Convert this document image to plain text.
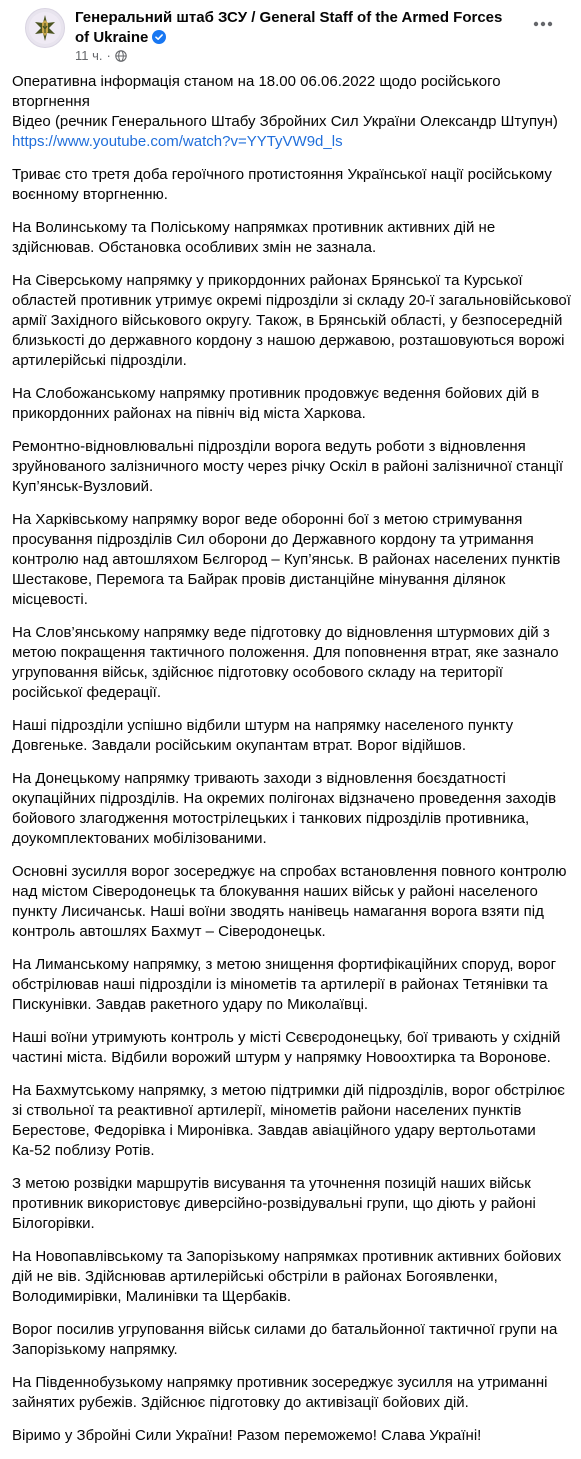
Генеральний штаб ЗСУ / General Staff of the Armed Forces of Ukraine
11 ч. ·

Оперативна інформація станом на 18.00 06.06.2022 щодо російського вторгнення
Відео (речник Генерального Штабу Збройних Сил України Олександр Штупун)
https://www.youtube.com/watch?v=YYTyVW9d_ls

Триває сто третя доба героїчного протистояння Української нації російському воєнному вторгненню.

На Волинському та Поліському напрямках противник активних дій не здійснював. Обстановка особливих змін не зазнала.

На Сіверському напрямку у прикордонних районах Брянської та Курської областей противник утримує окремі підрозділи зі складу 20-ї загальновійськової армії Західного військового округу. Також, в Брянській області, у безпосередній близькості до державного кордону з нашою державою, розташовуються ворожі артилерійські підрозділи.

На Слобожанському напрямку противник продовжує ведення бойових дій в прикордонних районах на північ від міста Харкова.

Ремонтно-відновлювальні підрозділи ворога ведуть роботи з відновлення зруйнованого залізничного мосту через річку Оскіл в районі залізничної станції Куп’янськ-Вузловий.

На Харківському напрямку ворог веде оборонні бої з метою стримування просування підрозділів Сил оборони до Державного кордону та утримання контролю над автошляхом Бєлгород – Куп’янськ. В районах населених пунктів Шестакове, Перемога та Байрак провів дистанційне мінування ділянок місцевості.

На Слов’янському напрямку веде підготовку до відновлення штурмових дій з метою покращення тактичного положення. Для поповнення втрат, яке зазнало угруповання військ, здійснює підготовку особового складу на території російської федерації.

Наші підрозділи успішно відбили штурм на напрямку населеного пункту Довгеньке. Завдали російським окупантам втрат. Ворог відійшов.

На Донецькому напрямку тривають заходи з відновлення боєздатності окупаційних підрозділів. На окремих полігонах відзначено проведення заходів бойового злагодження мотострілецьких і танкових підрозділів противника, доукомплектованих мобілізованими.

Основні зусилля ворог зосереджує на спробах встановлення повного контролю над містом Сіверодонецьк та блокування наших військ у районі населеного пункту Лисичанськ. Наші воїни зводять нанівець намагання ворога взяти під контроль автошлях Бахмут – Сіверодонецьк.

На Лиманському напрямку, з метою знищення фортифікаційних споруд, ворог обстрілював наші підрозділи із мінометів та артилерії в районах Тетянівки та Пискунівки. Завдав ракетного удару по Миколаївці.

Наші воїни утримують контроль у місті Сєвєродонецьку, бої тривають у східній частині міста. Відбили ворожий штурм у напрямку Новоохтирка та Воронове.

На Бахмутському напрямку, з метою підтримки дій підрозділів, ворог обстрілює зі ствольної та реактивної артилерії, мінометів райони населених пунктів Берестове, Федорівка і Миронівка. Завдав авіаційного удару вертольотами Ка-52 поблизу Ротів.

З метою розвідки маршрутів висування та уточнення позицій наших військ противник використовує диверсійно-розвідувальні групи, що діють у районі Білогорівки.

На Новопавлівському та Запорізькому напрямках противник активних бойових дій не вів. Здійснював артилерійські обстріли в районах Богоявленки, Володимирівки, Малинівки та Щербаків.

Ворог посилив угруповання військ силами до батальйонної тактичної групи на Запорізькому напрямку.

На Південнобузькому напрямку противник зосереджує зусилля на утриманні зайнятих рубежів. Здійснює підготовку до активізації бойових дій.

Віримо у Збройні Сили України! Разом переможемо! Слава Україні!
